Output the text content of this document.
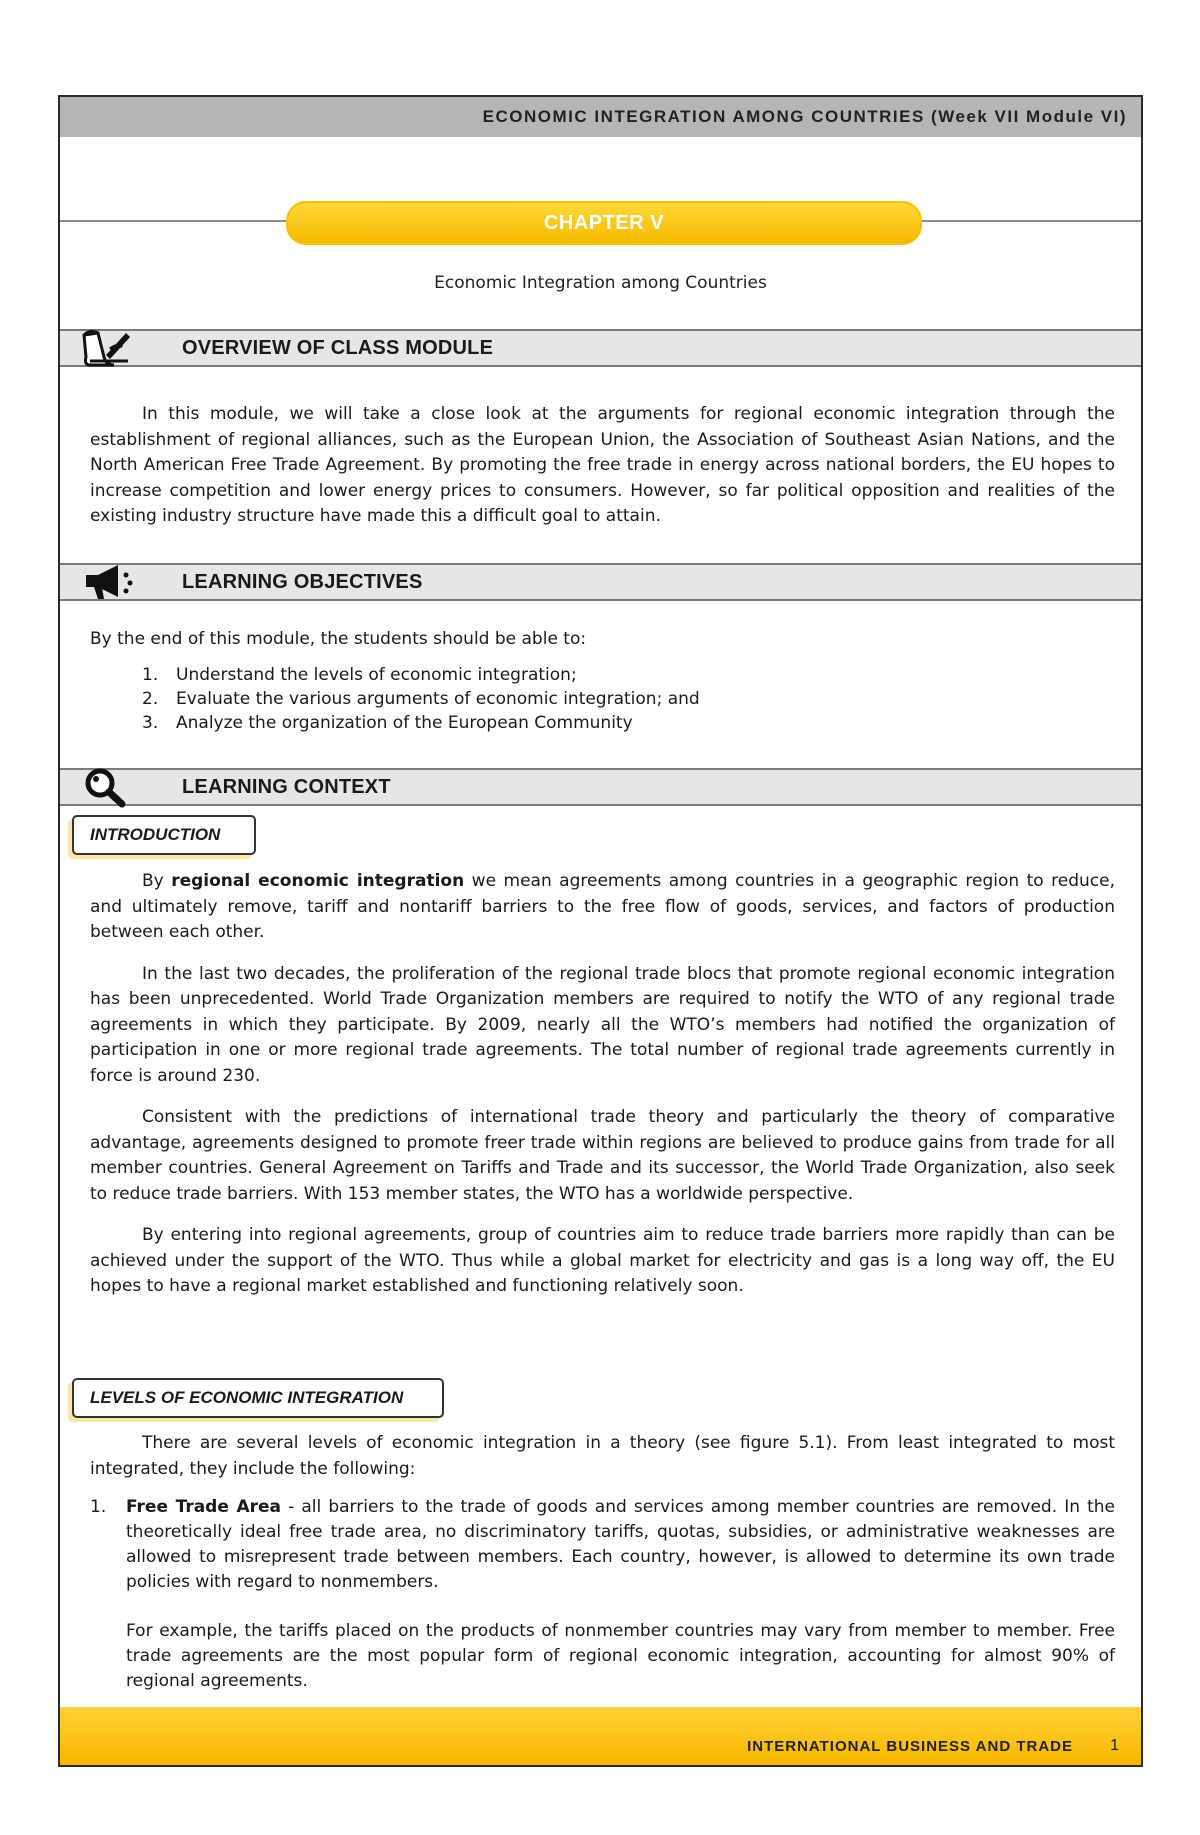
ECONOMIC INTEGRATION AMONG COUNTRIES (Week VII Module VI)
CHAPTER V
Economic Integration among Countries
OVERVIEW OF CLASS MODULE

In this module, we will take a close look at the arguments for regional economic integration through the establishment of regional alliances, such as the European Union, the Association of Southeast Asian Nations, and the North American Free Trade Agreement. By promoting the free trade in energy across national borders, the EU hopes to increase competition and lower energy prices to consumers. However, so far political opposition and realities of the existing industry structure have made this a difficult goal to attain.

LEARNING OBJECTIVES

By the end of this module, the students should be able to:

1. Understand the levels of economic integration;
2. Evaluate the various arguments of economic integration; and
3. Analyze the organization of the European Community
LEARNING CONTEXT
INTRODUCTION

By regional economic integration we mean agreements among countries in a geographic region to reduce, and ultimately remove, tariff and nontariff barriers to the free flow of goods, services, and factors of production between each other.

In the last two decades, the proliferation of the regional trade blocs that promote regional economic integration has been unprecedented. World Trade Organization members are required to notify the WTO of any regional trade agreements in which they participate. By 2009, nearly all the WTO’s members had notified the organization of participation in one or more regional trade agreements. The total number of regional trade agreements currently in force is around 230.

Consistent with the predictions of international trade theory and particularly the theory of comparative advantage, agreements designed to promote freer trade within regions are believed to produce gains from trade for all member countries. General Agreement on Tariffs and Trade and its successor, the World Trade Organization, also seek to reduce trade barriers. With 153 member states, the WTO has a worldwide perspective.

By entering into regional agreements, group of countries aim to reduce trade barriers more rapidly than can be achieved under the support of the WTO. Thus while a global market for electricity and gas is a long way off, the EU hopes to have a regional market established and functioning relatively soon.

LEVELS OF ECONOMIC INTEGRATION

There are several levels of economic integration in a theory (see figure 5.1). From least integrated to most integrated, they include the following:

1. Free Trade Area - all barriers to the trade of goods and services among member countries are removed. In the theoretically ideal free trade area, no discriminatory tariffs, quotas, subsidies, or administrative weaknesses are allowed to misrepresent trade between members. Each country, however, is allowed to determine its own trade policies with regard to nonmembers.

For example, the tariffs placed on the products of nonmember countries may vary from member to member. Free trade agreements are the most popular form of regional economic integration, accounting for almost 90% of regional agreements.

INTERNATIONAL BUSINESS AND TRADE 1
